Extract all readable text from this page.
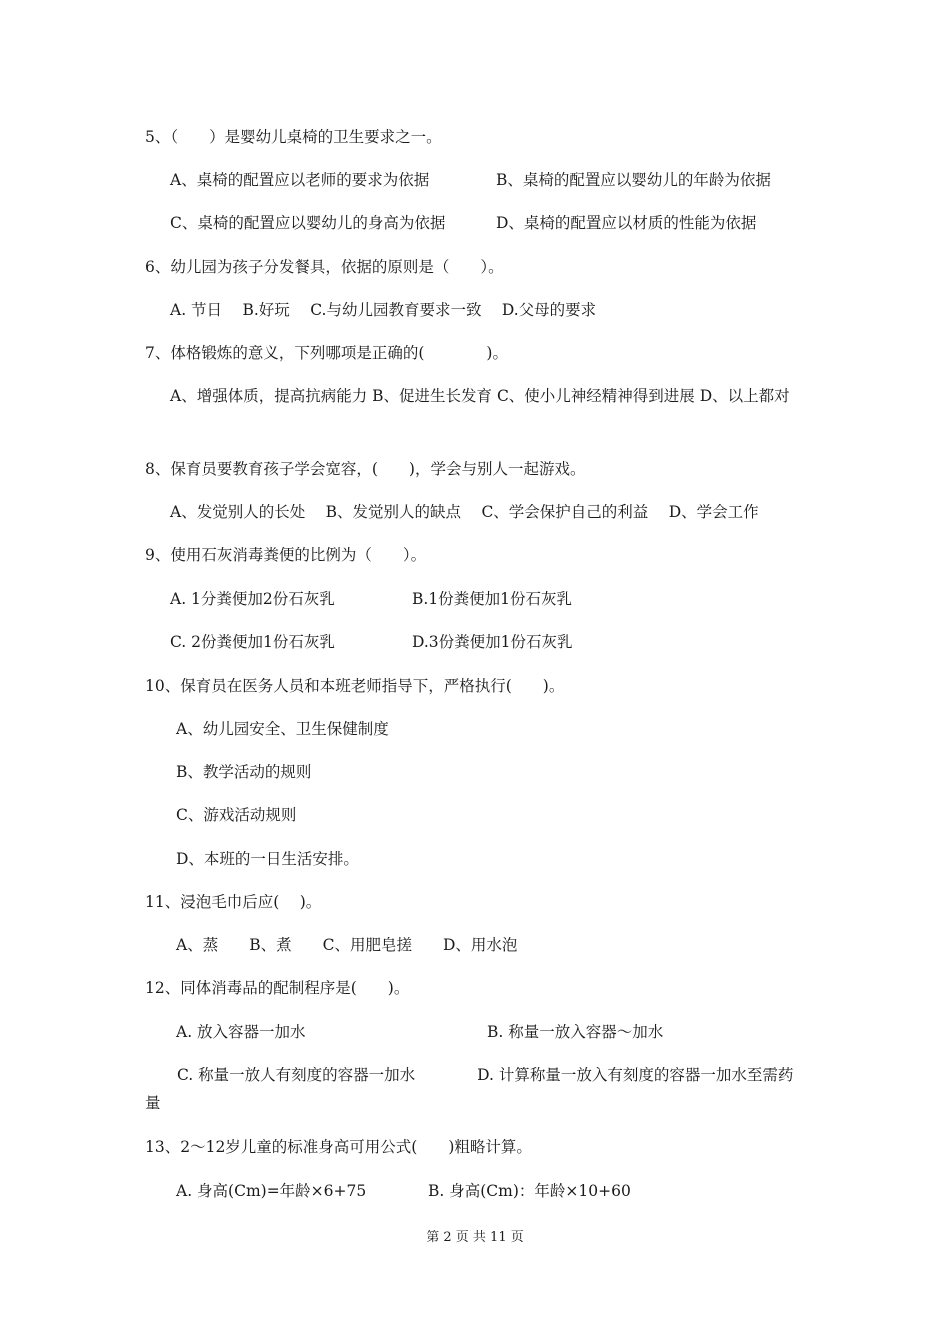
5、（　　）是婴幼儿桌椅的卫生要求之一。
A、桌椅的配置应以老师的要求为依据	B、桌椅的配置应以婴幼儿的年龄为依据
C、桌椅的配置应以婴幼儿的身高为依据	D、桌椅的配置应以材质的性能为依据
6、幼儿园为孩子分发餐具，依据的原则是（　　）。
A. 节日　 B.好玩　 C.与幼儿园教育要求一致　 D.父母的要求
7、体格锻炼的意义，下列哪项是正确的(　　　　)。
A、增强体质，提高抗病能力 B、促进生长发育 C、使小儿神经精神得到进展 D、以上都对
8、保育员要教育孩子学会宽容，(　　)，学会与别人一起游戏。
A、发觉别人的长处　 B、发觉别人的缺点　 C、学会保护自己的利益　 D、学会工作
9、使用石灰消毒粪便的比例为（　　）。
A. 1分粪便加2份石灰乳	B.1份粪便加1份石灰乳
C. 2份粪便加1份石灰乳	D.3份粪便加1份石灰乳
10、保育员在医务人员和本班老师指导下，严格执行(　　)。
A、幼儿园安全、卫生保健制度
B、教学活动的规则
C、游戏活动规则
D、本班的一日生活安排。
11、浸泡毛巾后应(　 )。
A、蒸　　B、煮　　C、用肥皂搓　　D、用水泡
12、同体消毒品的配制程序是(　　)。
A. 放入容器一加水	B. 称量一放入容器～加水
C. 称量一放人有刻度的容器一加水　　　　D. 计算称量一放入有刻度的容器一加水至需药量
13、2～12岁儿童的标准身高可用公式(　　)粗略计算。
A. 身高(Cm)=年龄×6+75	B. 身高(Cm)：年龄×10+60
第 2 页 共 11 页
